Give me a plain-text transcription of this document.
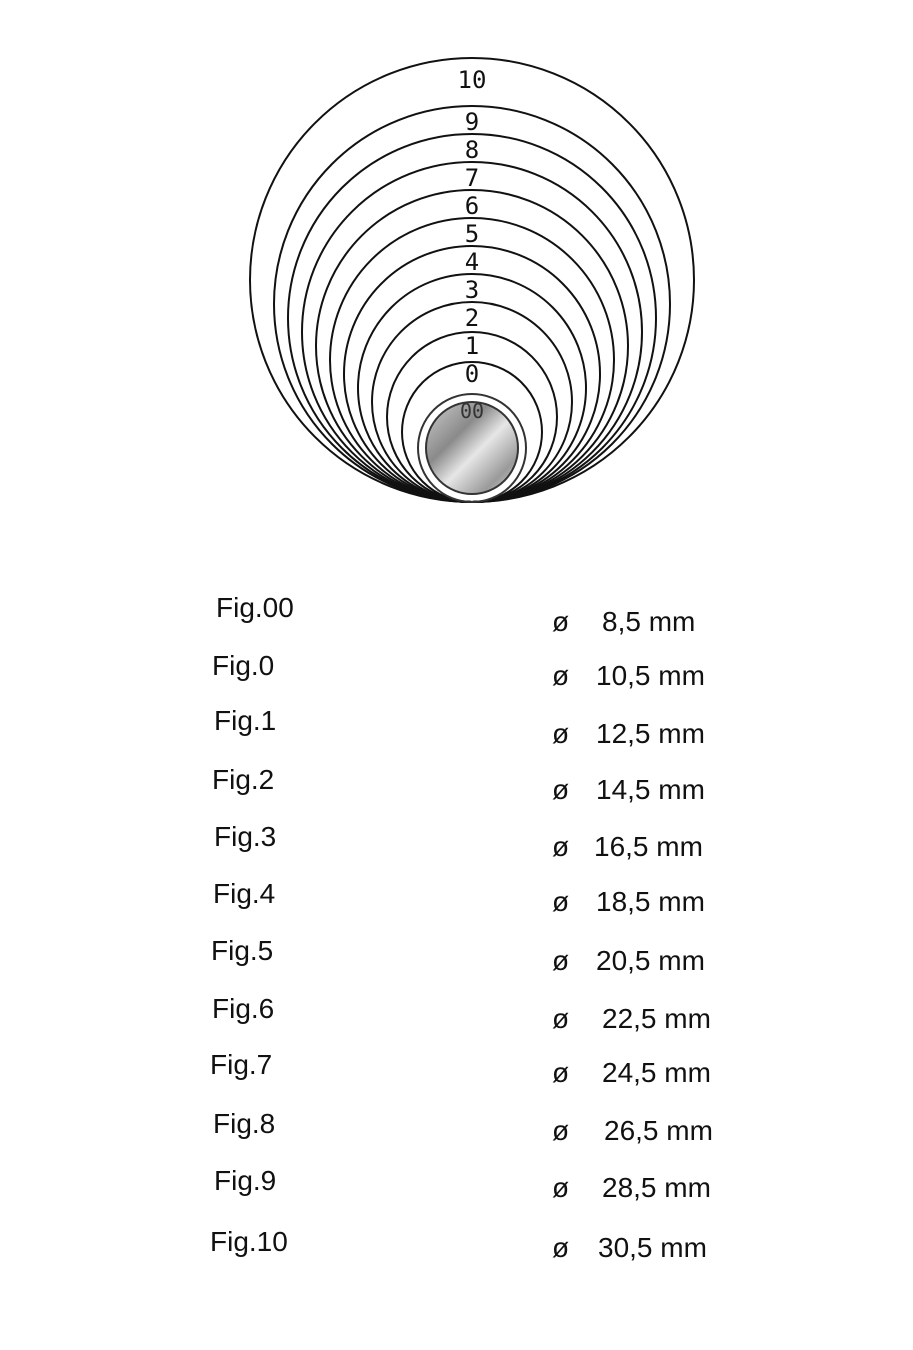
00
0
1
2
3
4
5
6
7
8
9
10
Fig.00	ø 8,5 mm
Fig.0	ø 10,5 mm
Fig.1	ø 12,5 mm
Fig.2	ø 14,5 mm
Fig.3	ø 16,5 mm
Fig.4	ø 18,5 mm
Fig.5	ø 20,5 mm
Fig.6	ø 22,5 mm
Fig.7	ø 24,5 mm
Fig.8	ø 26,5 mm
Fig.9	ø 28,5 mm
Fig.10	ø 30,5 mm
